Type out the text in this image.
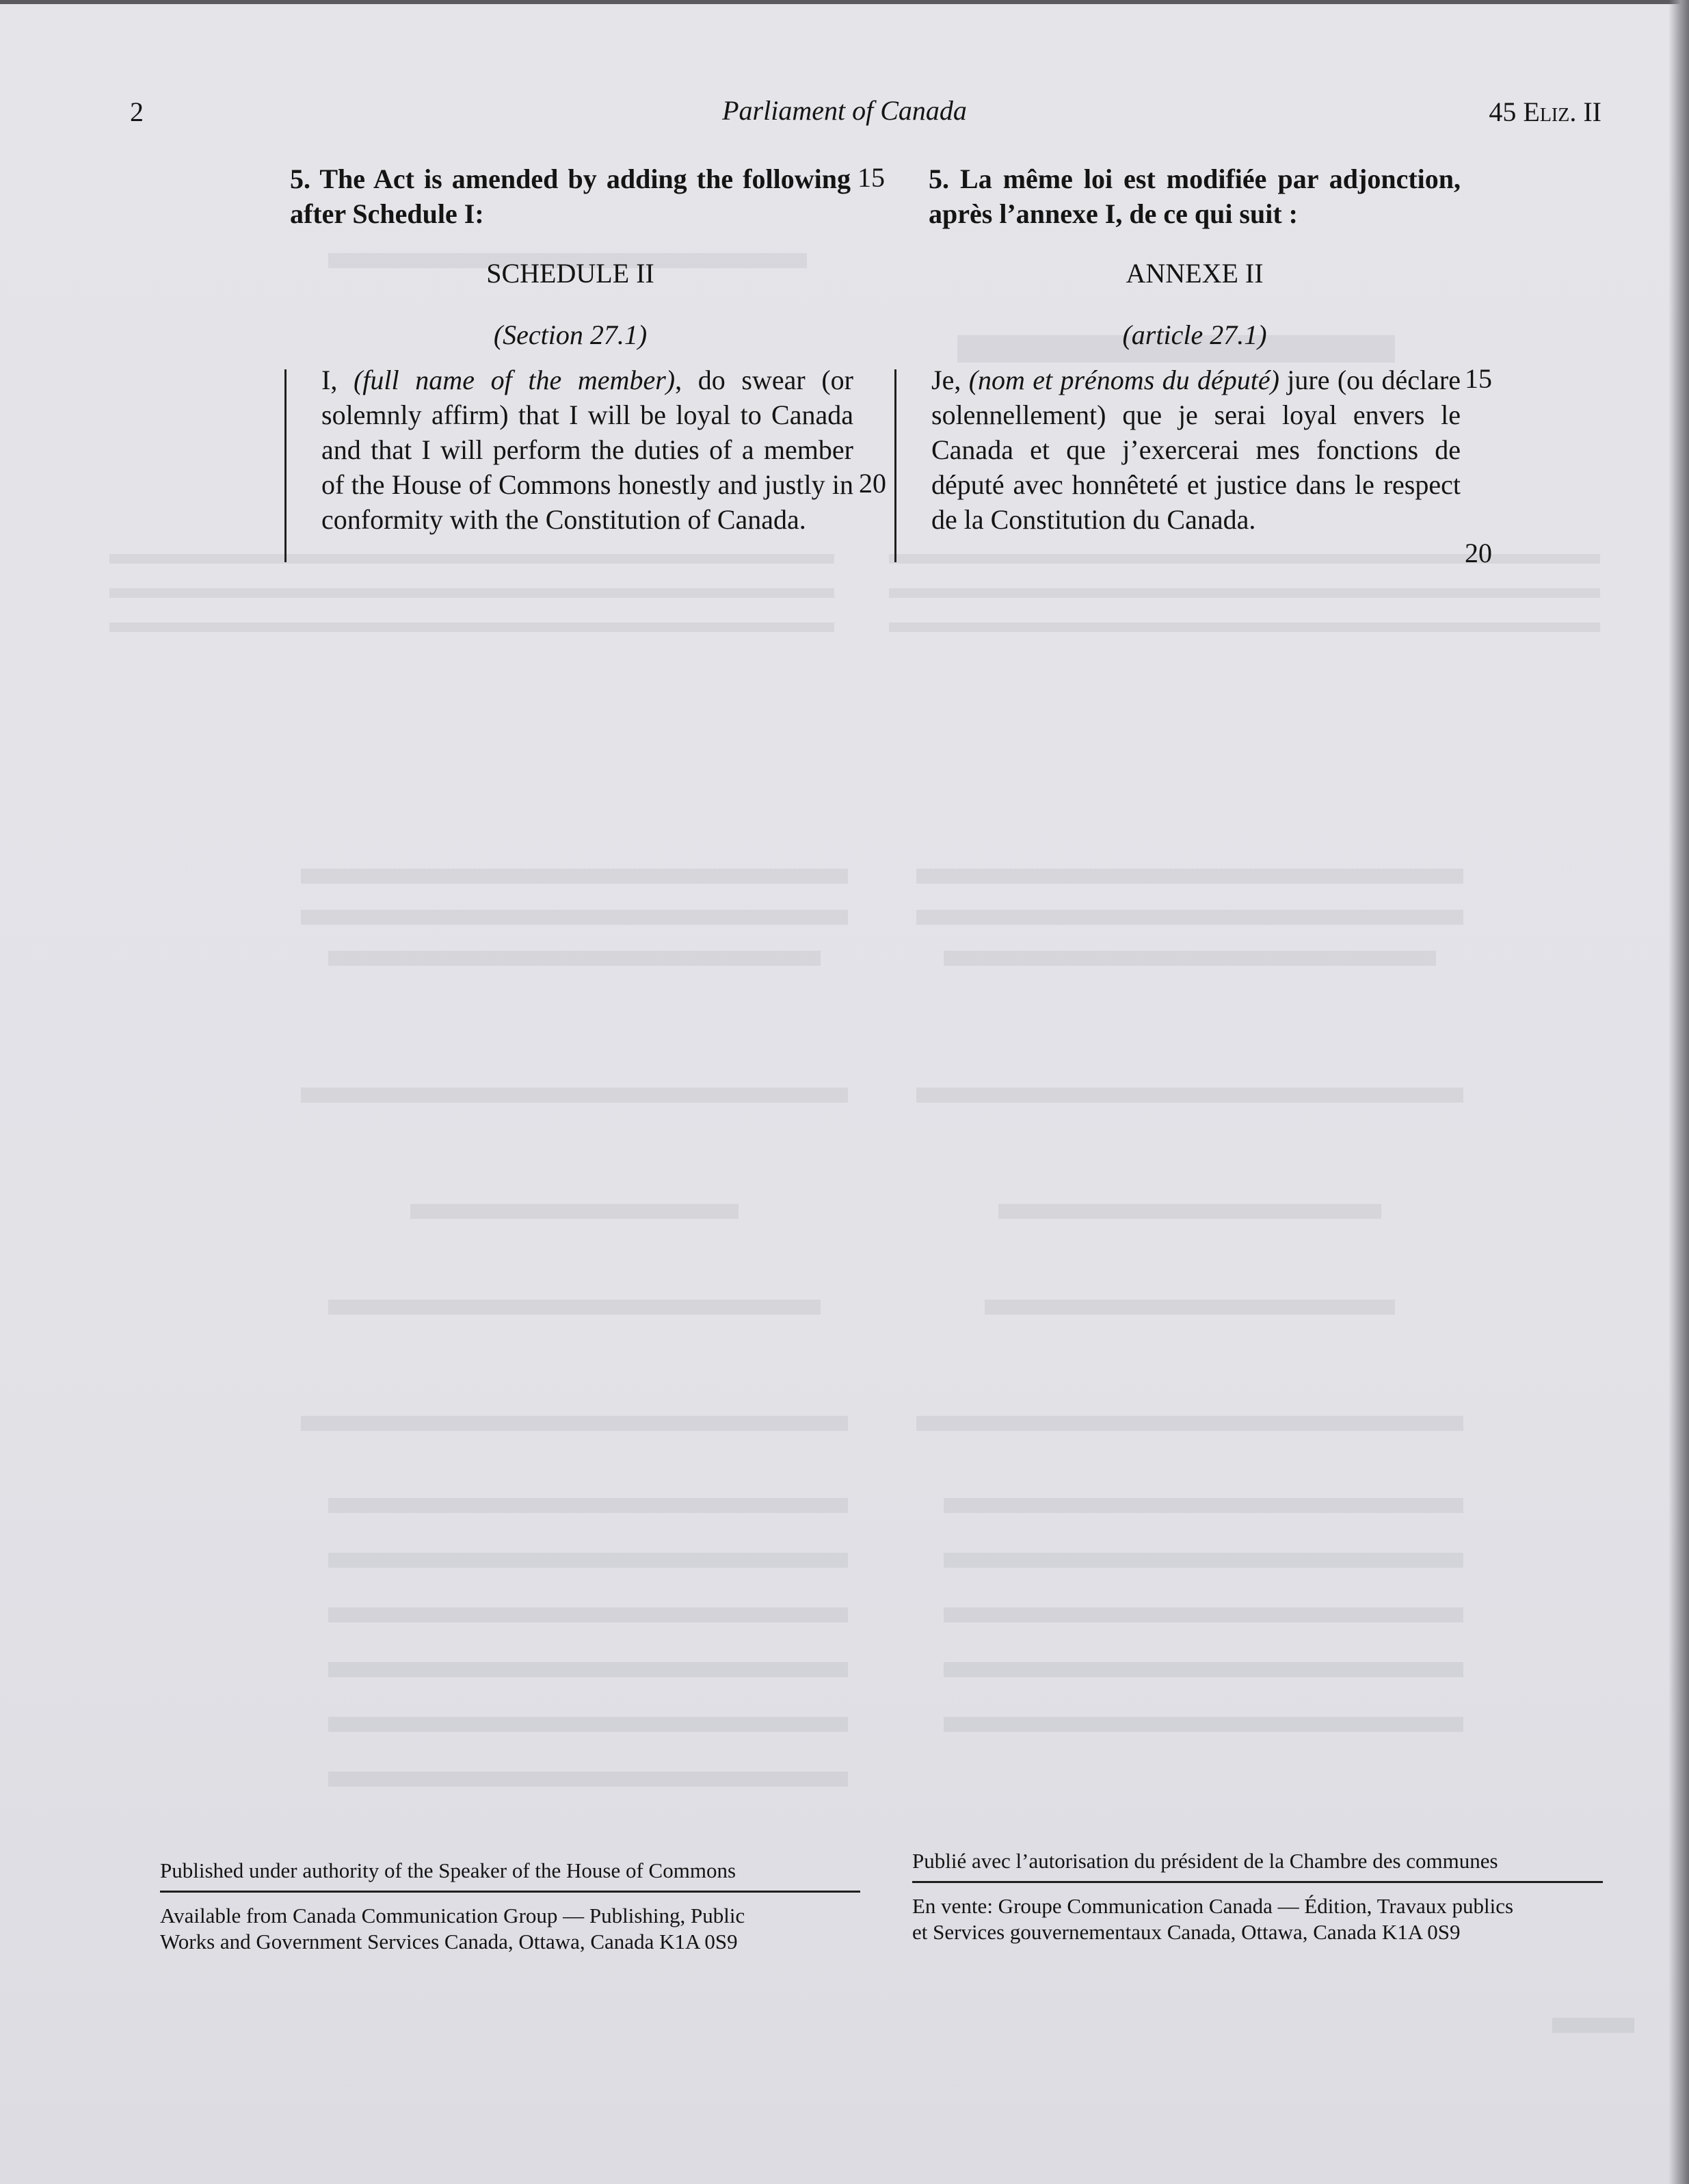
2	Parliament of Canada	45 Eliz. II
5. The Act is amended by adding the following after Schedule I:
15
SCHEDULE II
(Section 27.1)
I, (full name of the member), do swear (or solemnly affirm) that I will be loyal to Canada and that I will perform the duties of a member of the House of Commons honestly and justly in conformity with the Constitution of Canada.
20
5. La même loi est modifiée par adjonction, après l’annexe I, de ce qui suit :
ANNEXE II
(article 27.1)
Je, (nom et prénoms du député) jure (ou déclare solennellement) que je serai loyal envers le Canada et que j’exercerai mes fonctions de député avec honnêteté et justice dans le respect de la Constitution du Canada.
15
20
Published under authority of the Speaker of the House of Commons
Available from Canada Communication Group — Publishing, Public
Works and Government Services Canada, Ottawa, Canada K1A 0S9
Publié avec l’autorisation du président de la Chambre des communes
En vente: Groupe Communication Canada — Édition, Travaux publics
et Services gouvernementaux Canada, Ottawa, Canada K1A 0S9
